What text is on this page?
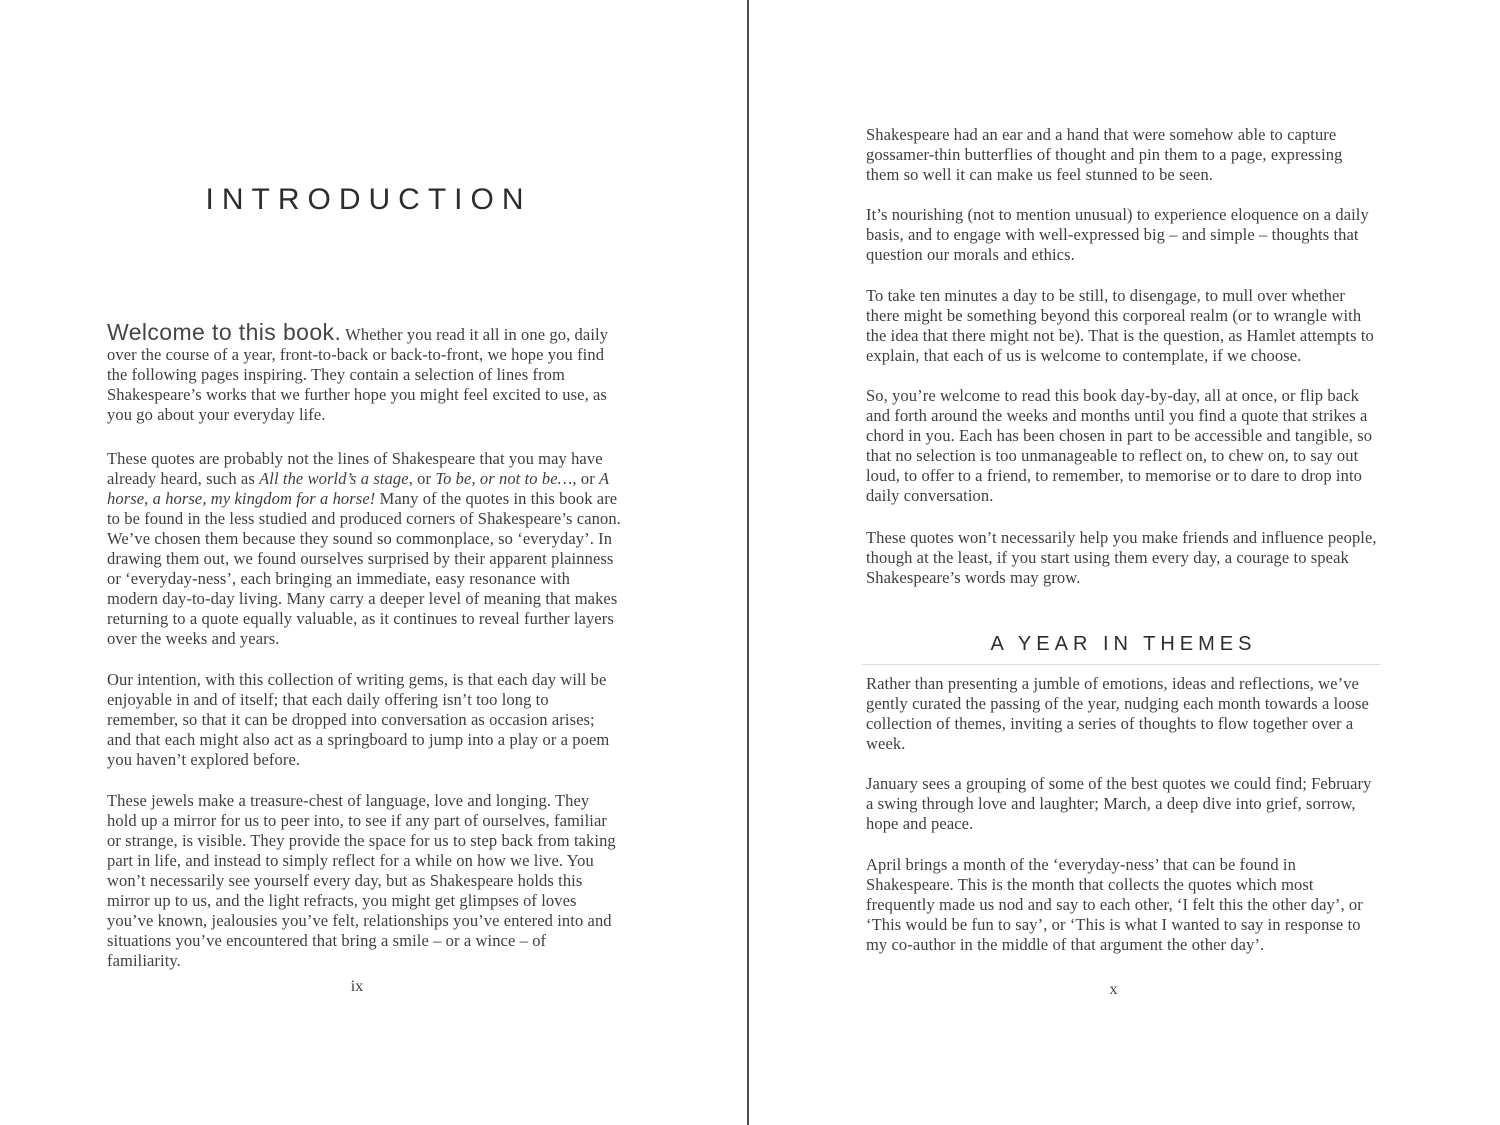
INTRODUCTION

Welcome to this book. Whether you read it all in one go, daily over the course of a year, front-to-back or back-to-front, we hope you find the following pages inspiring. They contain a selection of lines from Shakespeare’s works that we further hope you might feel excited to use, as you go about your everyday life.

These quotes are probably not the lines of Shakespeare that you may have already heard, such as All the world’s a stage, or To be, or not to be…, or A horse, a horse, my kingdom for a horse! Many of the quotes in this book are to be found in the less studied and produced corners of Shakespeare’s canon. We’ve chosen them because they sound so commonplace, so ‘everyday’. In drawing them out, we found ourselves surprised by their apparent plainness or ‘everyday-ness’, each bringing an immediate, easy resonance with modern day-to-day living. Many carry a deeper level of meaning that makes returning to a quote equally valuable, as it continues to reveal further layers over the weeks and years.

Our intention, with this collection of writing gems, is that each day will be enjoyable in and of itself; that each daily offering isn’t too long to remember, so that it can be dropped into conversation as occasion arises; and that each might also act as a springboard to jump into a play or a poem you haven’t explored before.

These jewels make a treasure-chest of language, love and longing. They hold up a mirror for us to peer into, to see if any part of ourselves, familiar or strange, is visible. They provide the space for us to step back from taking part in life, and instead to simply reflect for a while on how we live. You won’t necessarily see yourself every day, but as Shakespeare holds this mirror up to us, and the light refracts, you might get glimpses of loves you’ve known, jealousies you’ve felt, relationships you’ve entered into and situations you’ve encountered that bring a smile – or a wince – of familiarity.

ix

Shakespeare had an ear and a hand that were somehow able to capture gossamer-thin butterflies of thought and pin them to a page, expressing them so well it can make us feel stunned to be seen.

It’s nourishing (not to mention unusual) to experience eloquence on a daily basis, and to engage with well-expressed big – and simple – thoughts that question our morals and ethics.

To take ten minutes a day to be still, to disengage, to mull over whether there might be something beyond this corporeal realm (or to wrangle with the idea that there might not be). That is the question, as Hamlet attempts to explain, that each of us is welcome to contemplate, if we choose.

So, you’re welcome to read this book day-by-day, all at once, or flip back and forth around the weeks and months until you find a quote that strikes a chord in you. Each has been chosen in part to be accessible and tangible, so that no selection is too unmanageable to reflect on, to chew on, to say out loud, to offer to a friend, to remember, to memorise or to dare to drop into daily conversation.

These quotes won’t necessarily help you make friends and influence people, though at the least, if you start using them every day, a courage to speak Shakespeare’s words may grow.

A YEAR IN THEMES

Rather than presenting a jumble of emotions, ideas and reflections, we’ve gently curated the passing of the year, nudging each month towards a loose collection of themes, inviting a series of thoughts to flow together over a week.

January sees a grouping of some of the best quotes we could find; February a swing through love and laughter; March, a deep dive into grief, sorrow, hope and peace.

April brings a month of the ‘everyday-ness’ that can be found in Shakespeare. This is the month that collects the quotes which most frequently made us nod and say to each other, ‘I felt this the other day’, or ‘This would be fun to say’, or ‘This is what I wanted to say in response to my co-author in the middle of that argument the other day’.

x
